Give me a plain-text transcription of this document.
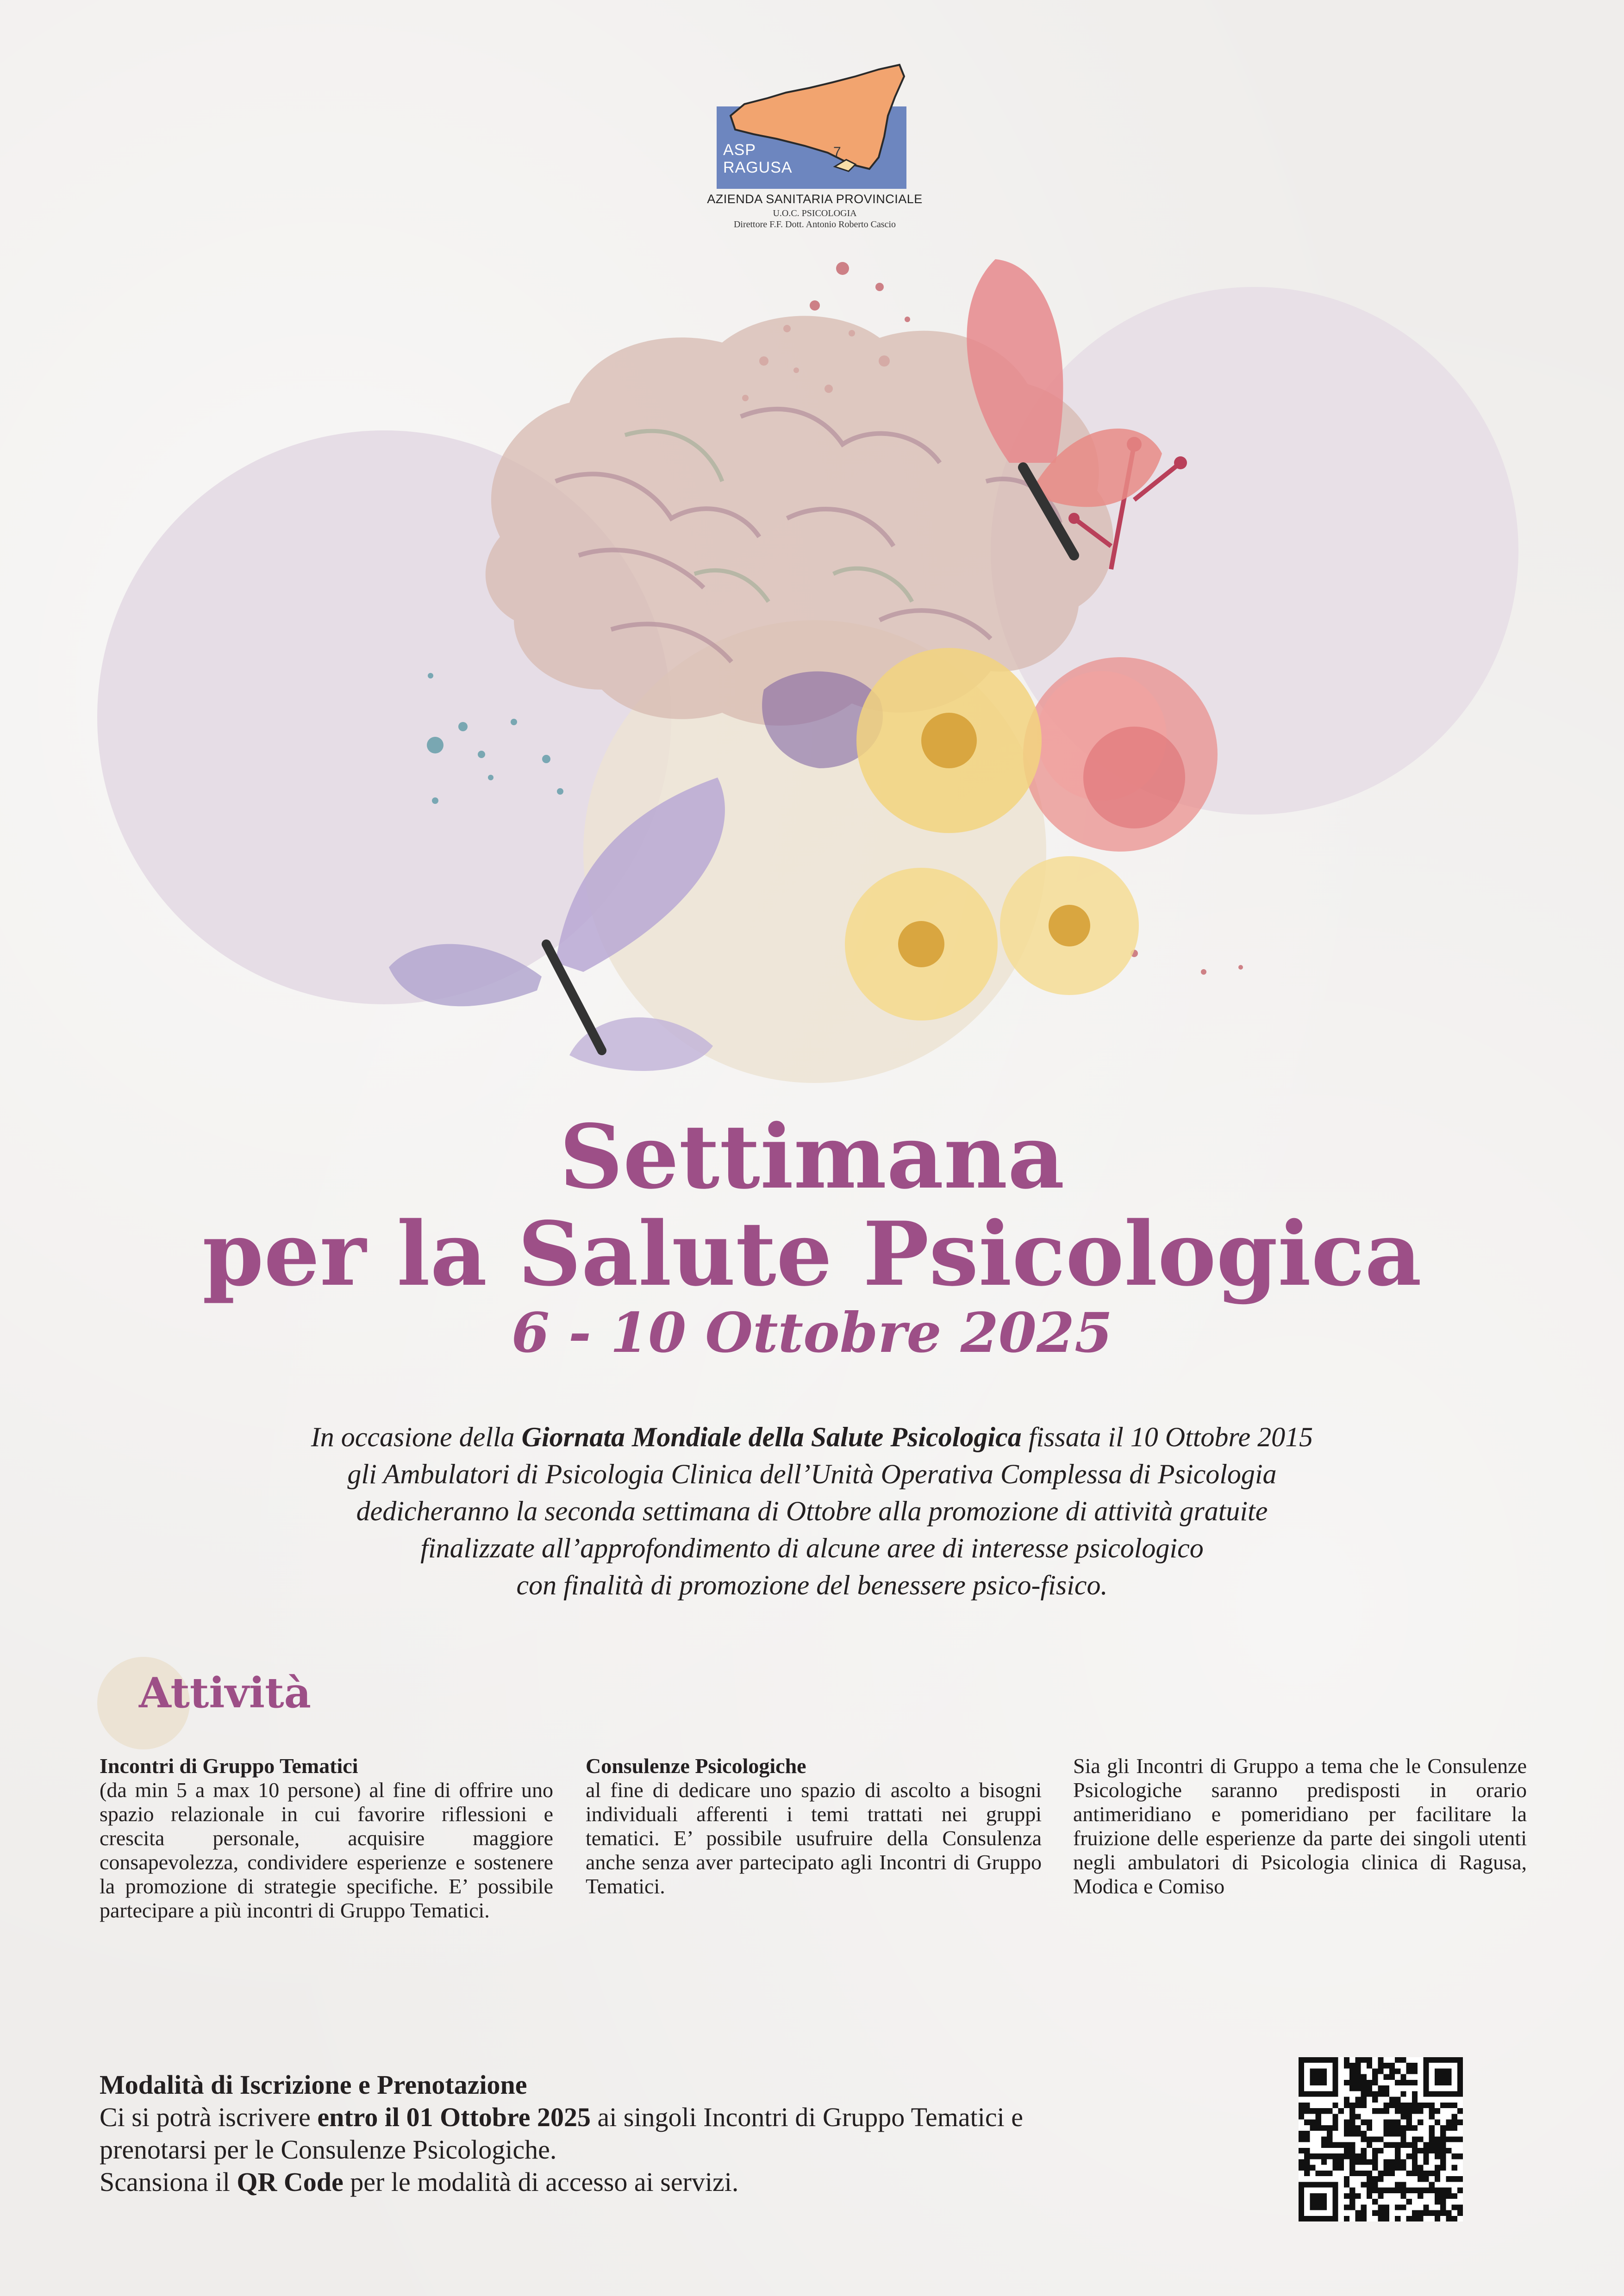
ASP
RAGUSA
7
AZIENDA SANITARIA PROVINCIALE
U.O.C. PSICOLOGIA
Direttore F.F. Dott. Antonio Roberto Cascio
Settimana
per la Salute Psicologica
6 - 10 Ottobre 2025

In occasione della Giornata Mondiale della Salute Psicologica fissata il 10 Ottobre 2015

gli Ambulatori di Psicologia Clinica dell’Unità Operativa Complessa di Psicologia

dedicheranno la seconda settimana di Ottobre alla promozione di attività gratuite

finalizzate all’approfondimento di alcune aree di interesse psicologico

con finalità di promozione del benessere psico-fisico.

Attività
Incontri di Gruppo Tematici

(da min 5 a max 10 persone) al fine di offrire uno spazio relazionale in cui favorire riflessioni e crescita personale, acquisire maggiore consapevolezza, condividere esperienze e sostenere la promozione di strategie specifiche. E’ possibile partecipare a più incontri di Gruppo Tematici.

Consulenze Psicologiche

al fine di dedicare uno spazio di ascolto a bisogni individuali afferenti i temi trattati nei gruppi tematici. E’ possibile usufruire della Consulenza anche senza aver partecipato agli Incontri di Gruppo Tematici.

Sia gli Incontri di Gruppo a tema che le Consulenze Psicologiche saranno predisposti in orario antimeridiano e pomeridiano per facilitare la fruizione delle esperienze da parte dei singoli utenti negli ambulatori di Psicologia clinica di Ragusa, Modica e Comiso

Modalità di Iscrizione e Prenotazione

Ci si potrà iscrivere entro il 01 Ottobre 2025 ai singoli Incontri di Gruppo Tematici e

prenotarsi per le Consulenze Psicologiche.

Scansiona il QR Code per le modalità di accesso ai servizi.
